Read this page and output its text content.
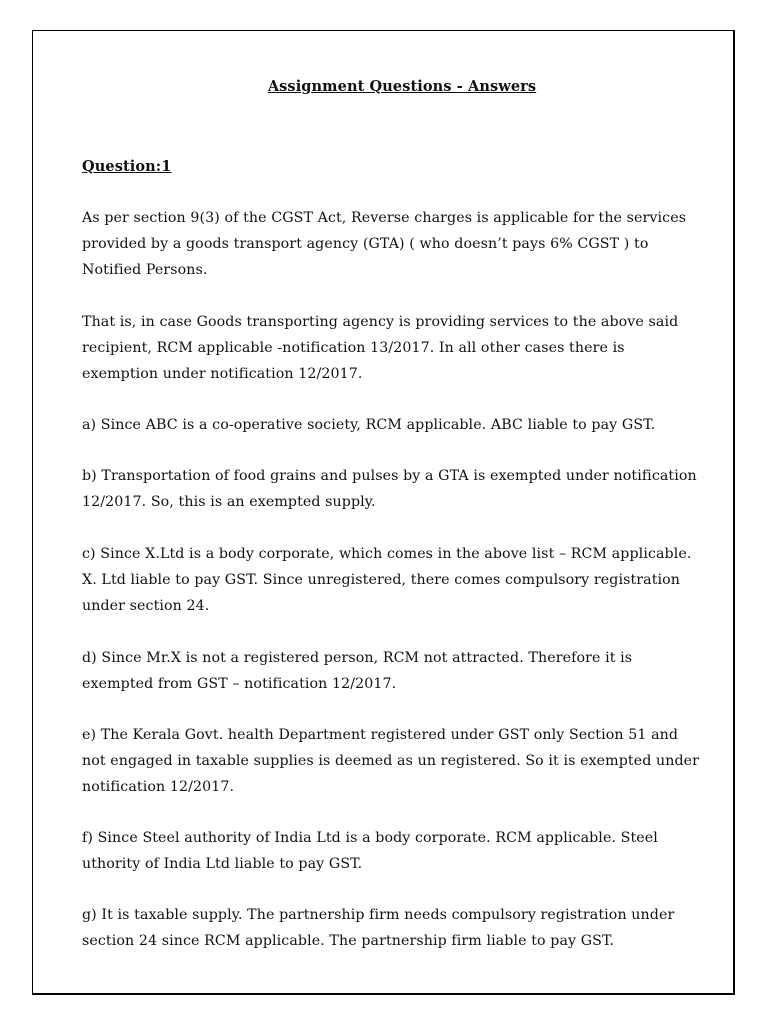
Assignment Questions - Answers
Question:1
As per section 9(3) of the CGST Act, Reverse charges is applicable for the services
provided by a goods transport agency (GTA) ( who doesn’t pays 6% CGST ) to
Notified Persons.
That is, in case Goods transporting agency is providing services to the above said
recipient, RCM applicable -notification 13/2017. In all other cases there is
exemption under notification 12/2017.
a) Since ABC is a co-operative society, RCM applicable. ABC liable to pay GST.
b) Transportation of food grains and pulses by a GTA is exempted under notification
12/2017. So, this is an exempted supply.
c) Since X.Ltd is a body corporate, which comes in the above list – RCM applicable.
X. Ltd liable to pay GST. Since unregistered, there comes compulsory registration
under section 24.
d) Since Mr.X is not a registered person, RCM not attracted. Therefore it is
exempted from GST – notification 12/2017.
e) The Kerala Govt. health Department registered under GST only Section 51 and
not engaged in taxable supplies is deemed as un registered. So it is exempted under
notification 12/2017.
f) Since Steel authority of India Ltd is a body corporate. RCM applicable. Steel
uthority of India Ltd liable to pay GST.
g) It is taxable supply. The partnership firm needs compulsory registration under
section 24 since RCM applicable. The partnership firm liable to pay GST.
